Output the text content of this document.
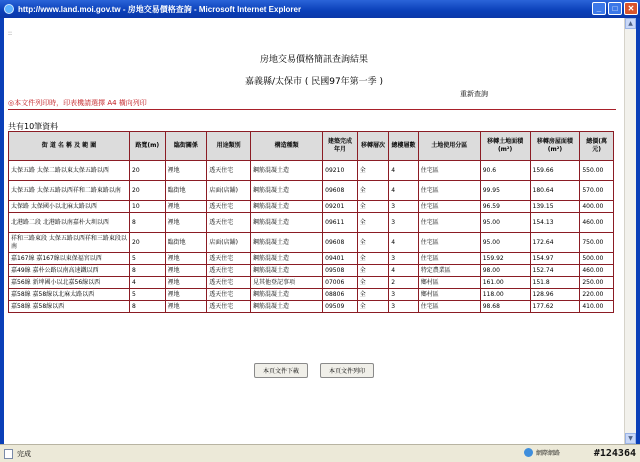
http://www.land.moi.gov.tw - 房地交易價格查詢 - Microsoft Internet Explorer	_	□	✕
::
房地交易價格簡訊查詢結果
嘉義縣/太保市 ( 民國97年第一季 )
重新查詢
◎本文件列印時，印表機請選擇 A4 橫向列印
共有10筆資料
街 道 名 稱 及 範 圍	路寬(m)	臨街關係	用途類別	構造種類	建築完成年月	移轉層次	總樓層數	土地使用分區	移轉土地面積(m²)	移轉房屋面積(m²)	總價(萬元)
太保五路 太保二路以東太保五路以西	20	裡地	透天住宅	鋼筋混凝土造	09210	全	4	住宅區	90.6	159.66	550.00
太保五路 太保五路以西祥和二路東路以南	20	臨街地	店面(店鋪)	鋼筋混凝土造	09608	全	4	住宅區	99.95	180.64	570.00
太保路 太保國小以北麻太路以西	10	裡地	透天住宅	鋼筋混凝土造	09201	全	3	住宅區	96.59	139.15	400.00
北港路二段 北港路以南嘉朴大圳以西	8	裡地	透天住宅	鋼筋混凝土造	09611	全	3	住宅區	95.00	154.13	460.00
祥和三路東段 太保五路以西祥和三路東段以南	20	臨街地	店面(店鋪)	鋼筋混凝土造	09608	全	4	住宅區	95.00	172.64	750.00
嘉167線 嘉167線以東保福宮以西	5	裡地	透天住宅	鋼筋混凝土造	09401	全	3	住宅區	159.92	154.97	500.00
嘉49線 嘉朴公路以南高速鐵以西	8	裡地	透天住宅	鋼筋混凝土造	09508	全	4	特定農業區	98.00	152.74	460.00
嘉56線 新埤國小以北嘉56線以西	4	裡地	透天住宅	見其他登記事項	07006	全	2	鄉村區	161.00	151.8	250.00
嘉58線 嘉58線以北麻太路以西	5	裡地	透天住宅	鋼筋混凝土造	08806	全	3	鄉村區	118.00	128.96	220.00
嘉58線 嘉58線以西	8	裡地	透天住宅	鋼筋混凝土造	09509	全	3	住宅區	98.68	177.62	410.00
本頁文件下載	本頁文件列印
▲
▼
完成	網際網路	#124364
